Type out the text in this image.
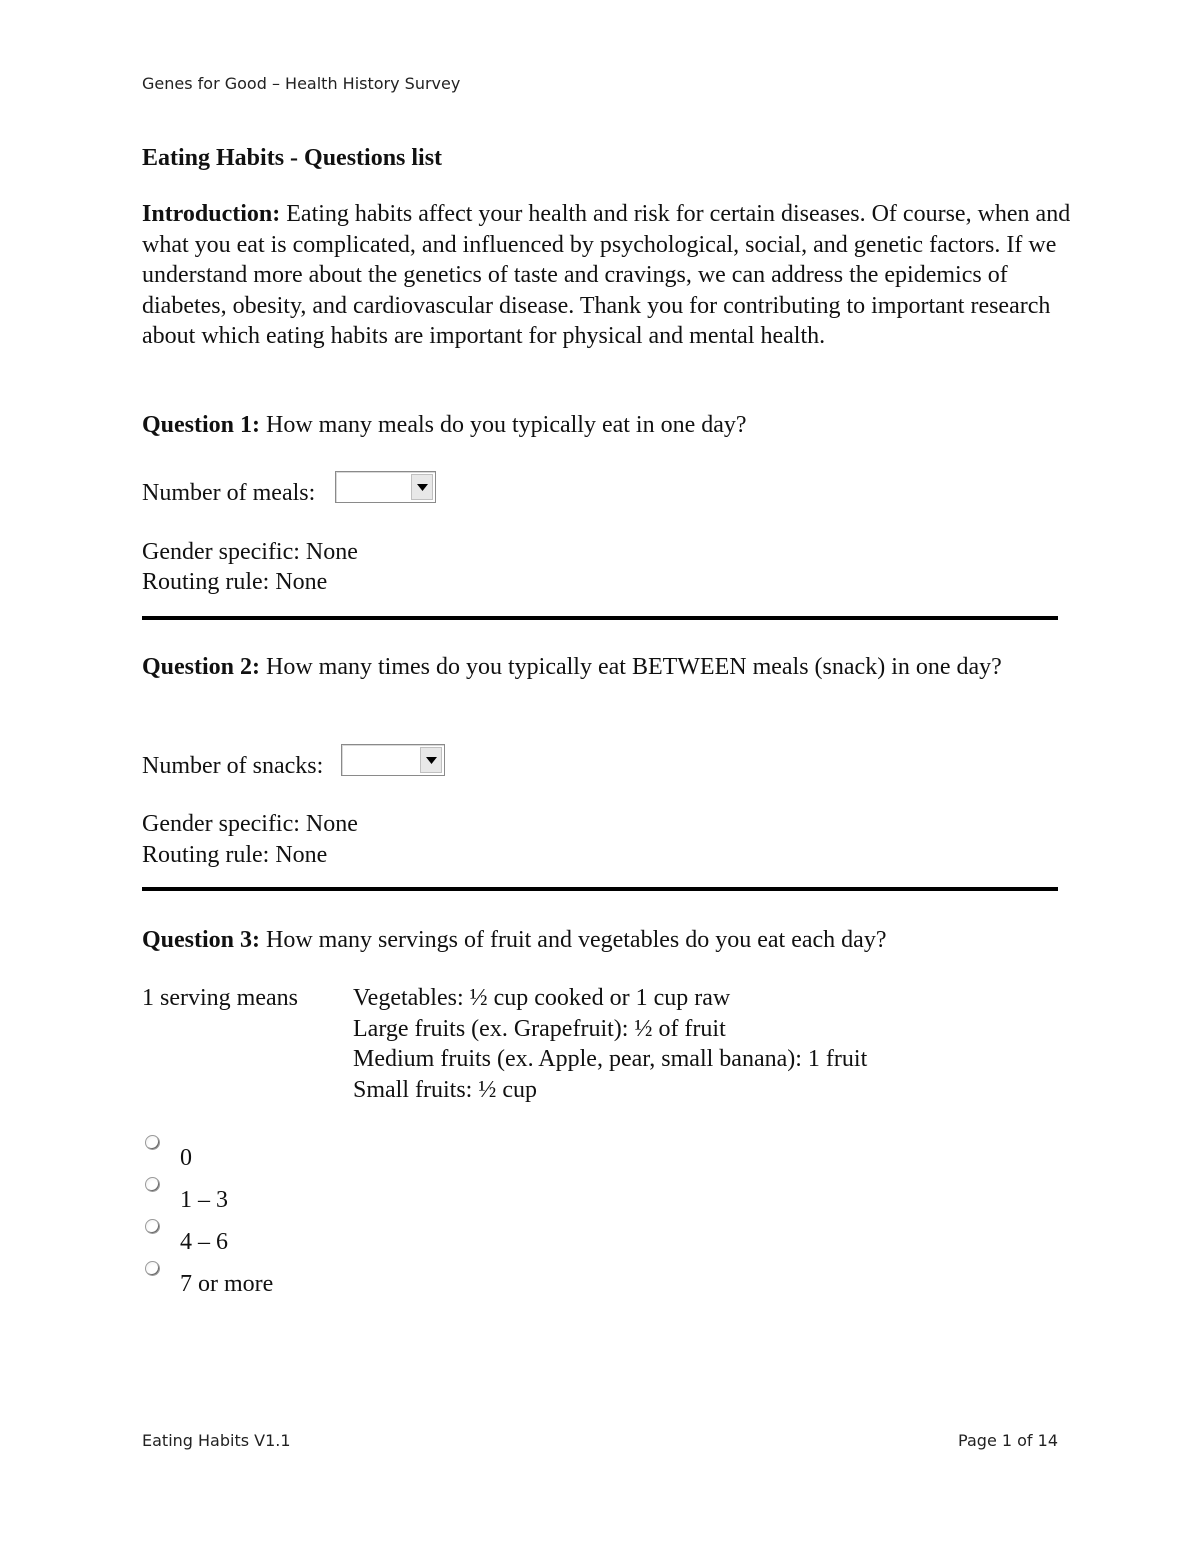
Genes for Good – Health History Survey
Eating Habits - Questions list
Introduction: Eating habits affect your health and risk for certain diseases. Of course, when and what you eat is complicated, and influenced by psychological, social, and genetic factors. If we understand more about the genetics of taste and cravings, we can address the epidemics of diabetes, obesity, and cardiovascular disease. Thank you for contributing to important research about which eating habits are important for physical and mental health.
Question 1: How many meals do you typically eat in one day?
Number of meals:
Gender specific: None
Routing rule: None
Question 2: How many times do you typically eat BETWEEN meals (snack) in one day?
Number of snacks:
Gender specific: None
Routing rule: None
Question 3: How many servings of fruit and vegetables do you eat each day?
1 serving means	Vegetables: ½ cup cooked or 1 cup raw
Large fruits (ex. Grapefruit): ½ of fruit
Medium fruits (ex. Apple, pear, small banana): 1 fruit
Small fruits: ½ cup
0
1 – 3
4 – 6
7 or more
Eating Habits V1.1	Page 1 of 14
